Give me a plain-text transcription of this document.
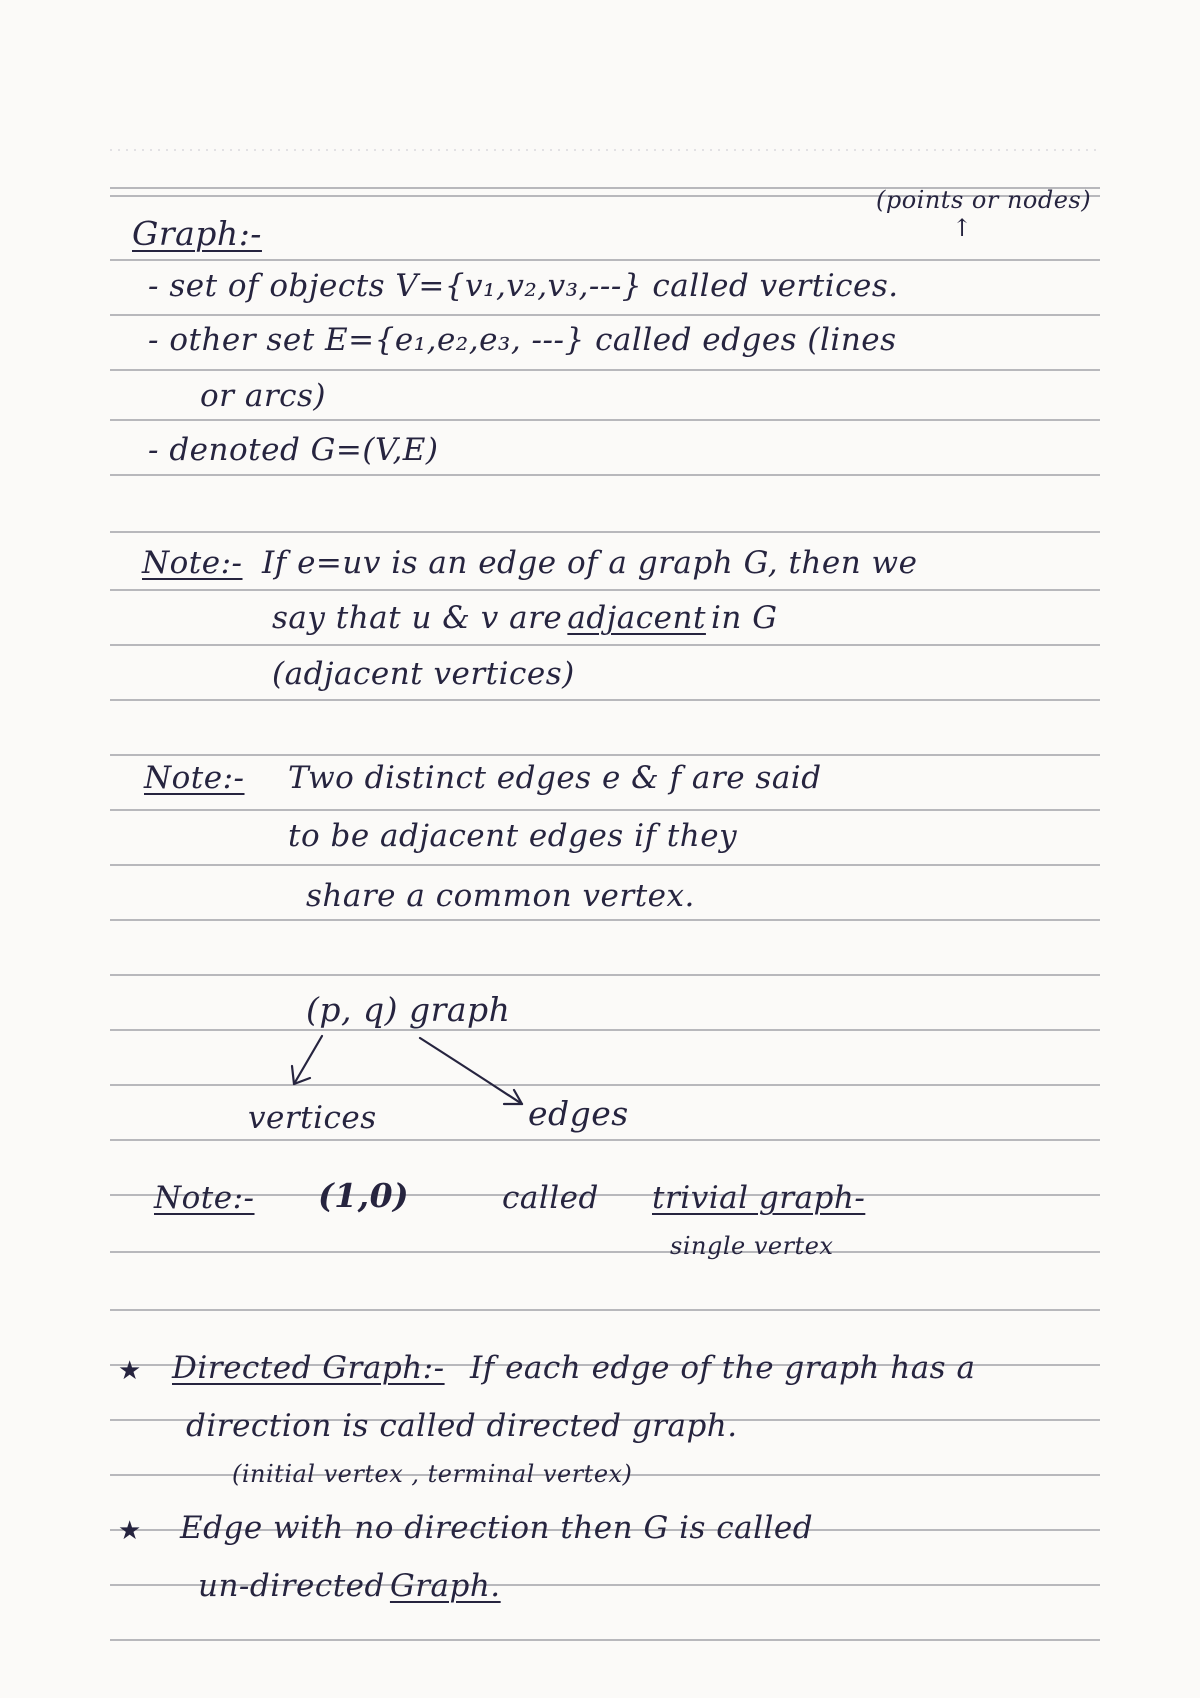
(points or nodes)
↑
Graph:-
- set of objects V={v₁,v₂,v₃,---} called vertices.
- other set E={e₁,e₂,e₃, ---} called edges (lines
or arcs)
- denoted G=(V,E)
Note:- If e=uv is an edge of a graph G, then we
say that u & v are adjacent in G
(adjacent vertices)
Note:- Two distinct edges e & f are said
to be adjacent edges if they
share a common vertex.
(p, q) graph
vertices	edges
Note:- (1,0)	called trivial graph-
single vertex
★ Directed Graph:- If each edge of the graph has a
direction is called directed graph.
(initial vertex , terminal vertex)
★ Edge with no direction then G is called
un-directed Graph.
